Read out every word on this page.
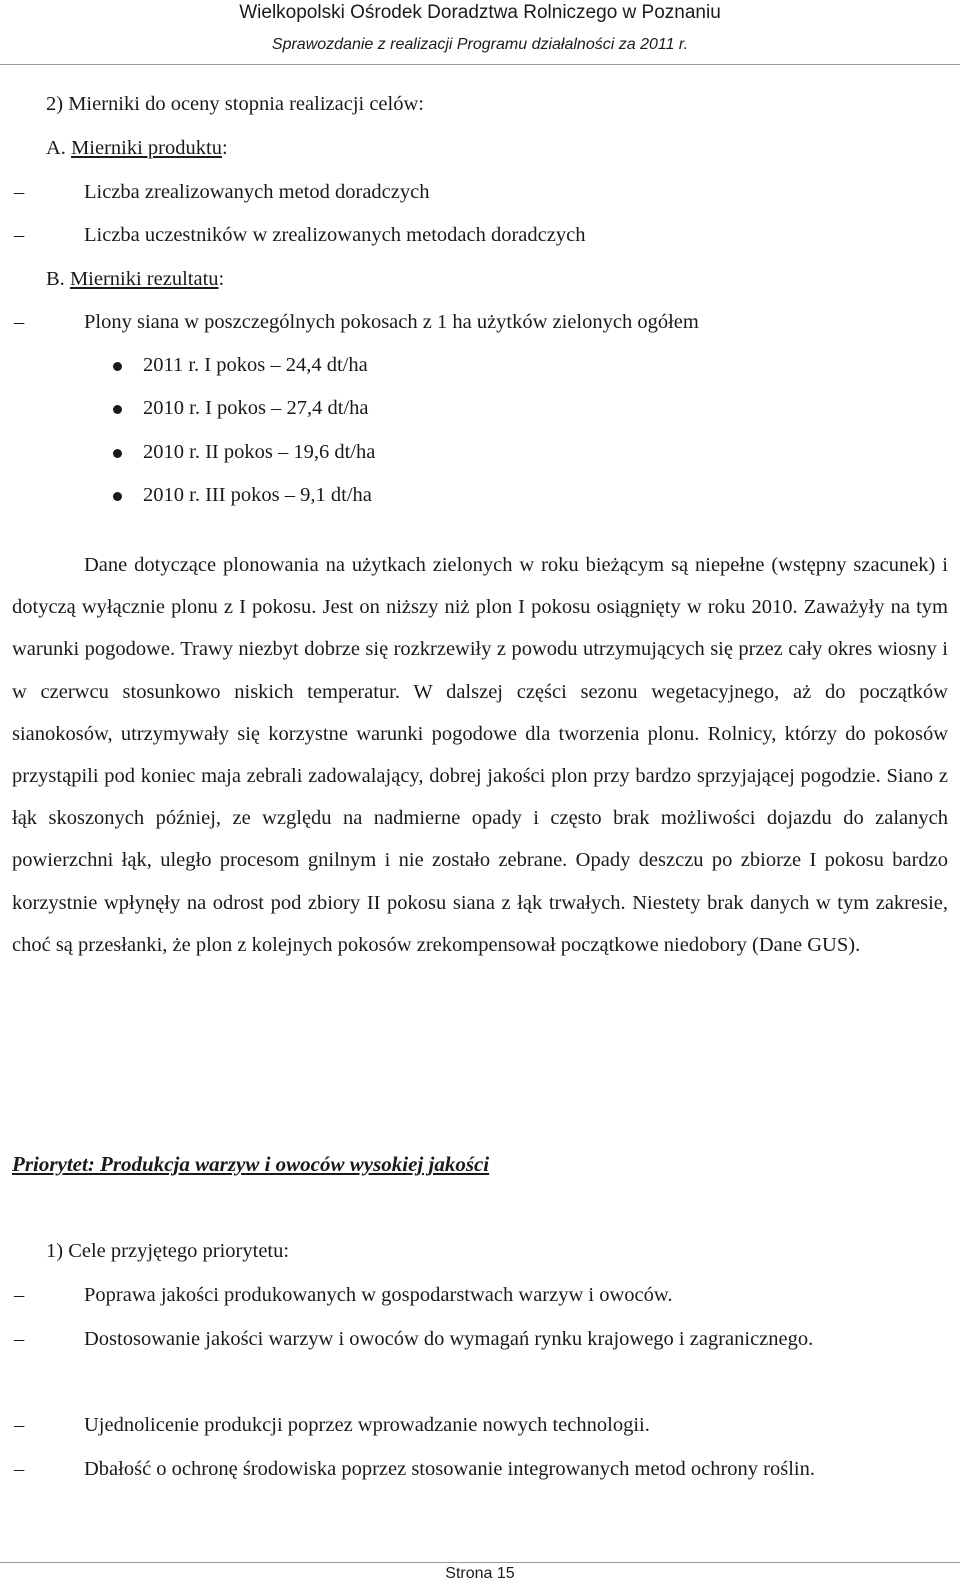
Wielkopolski Ośrodek Doradztwa Rolniczego w Poznaniu
Sprawozdanie z realizacji Programu działalności za 2011 r.
2) Mierniki do oceny stopnia realizacji celów:
A. Mierniki produktu:
–	Liczba zrealizowanych metod doradczych
–	Liczba uczestników w zrealizowanych metodach doradczych
B. Mierniki rezultatu:
–	Plony siana w poszczególnych pokosach z 1 ha użytków zielonych ogółem
2011 r. I pokos – 24,4 dt/ha
2010 r. I pokos – 27,4 dt/ha
2010 r. II pokos – 19,6 dt/ha
2010 r. III pokos – 9,1 dt/ha

Dane dotyczące plonowania na użytkach zielonych w roku bieżącym są niepełne (wstępny szacunek) i dotyczą wyłącznie plonu z I pokosu. Jest on niższy niż plon I pokosu osiągnięty w roku 2010. Zaważyły na tym warunki pogodowe. Trawy niezbyt dobrze się rozkrzewiły z powodu utrzymujących się przez cały okres wiosny i w czerwcu stosunkowo niskich temperatur. W dalszej części sezonu wegetacyjnego, aż do początków sianokosów, utrzymywały się korzystne warunki pogodowe dla tworzenia plonu. Rolnicy, którzy do pokosów przystąpili pod koniec maja zebrali zadowalający, dobrej jakości plon przy bardzo sprzyjającej pogodzie. Siano z łąk skoszonych później, ze względu na nadmierne opady i często brak możliwości dojazdu do zalanych powierzchni łąk, uległo procesom gnilnym i nie zostało zebrane. Opady deszczu po zbiorze I pokosu bardzo korzystnie wpłynęły na odrost pod zbiory II pokosu siana z łąk trwałych. Niestety brak danych w tym zakresie, choć są przesłanki, że plon z kolejnych pokosów zrekompensował początkowe niedobory (Dane GUS).

Priorytet: Produkcja warzyw i owoców wysokiej jakości
1) Cele przyjętego priorytetu:
–	Poprawa jakości produkowanych w gospodarstwach warzyw i owoców.
–	Dostosowanie jakości warzyw i owoców do wymagań rynku krajowego i zagranicznego.
–	Ujednolicenie produkcji poprzez wprowadzanie nowych technologii.
–	Dbałość o ochronę środowiska poprzez stosowanie integrowanych metod ochrony roślin.
Strona 15
